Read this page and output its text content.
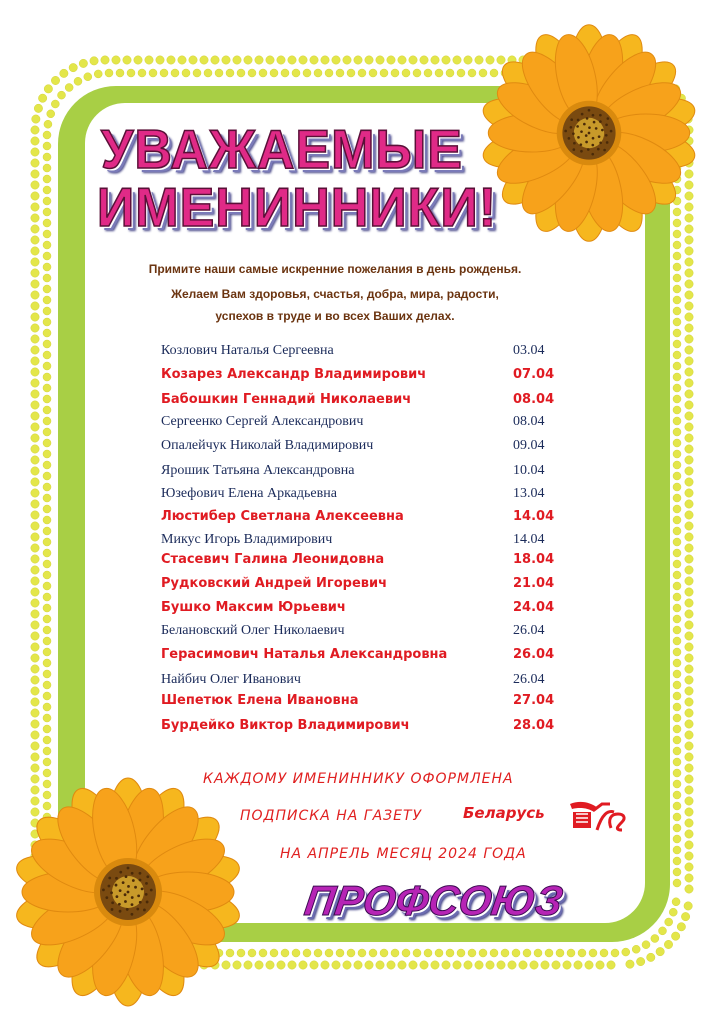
УВАЖАЕМЫЕ
ИМЕНИННИКИ!
Примите наши самые искренние пожелания в день рожденья.
Желаем Вам здоровья, счастья, добра, мира, радости,
успехов в труде и во всех Ваших делах.
Козлович Наталья Сергеевна	03.04
Козарез Александр Владимирович	07.04
Бабошкин Геннадий Николаевич	08.04
Сергеенко Сергей Александрович	08.04
Опалейчук Николай Владимирович	09.04
Ярошик Татьяна Александровна	10.04
Юзефович Елена Аркадьевна	13.04
Люстибер Светлана Алексеевна	14.04
Микус Игорь Владимирович	14.04
Стасевич Галина Леонидовна	18.04
Рудковский Андрей Игоревич	21.04
Бушко Максим Юрьевич	24.04
Белановский Олег Николаевич	26.04
Герасимович Наталья Александровна	26.04
Найбич Олег Иванович	26.04
Шепетюк Елена Ивановна	27.04
Бурдейко Виктор Владимирович	28.04
КАЖДОМУ ИМЕНИННИКУ ОФОРМЛЕНА
ПОДПИСКА НА ГАЗЕТУ	Беларусь
НА АПРЕЛЬ МЕСЯЦ 2024 ГОДА
ПРОФСОЮЗ
